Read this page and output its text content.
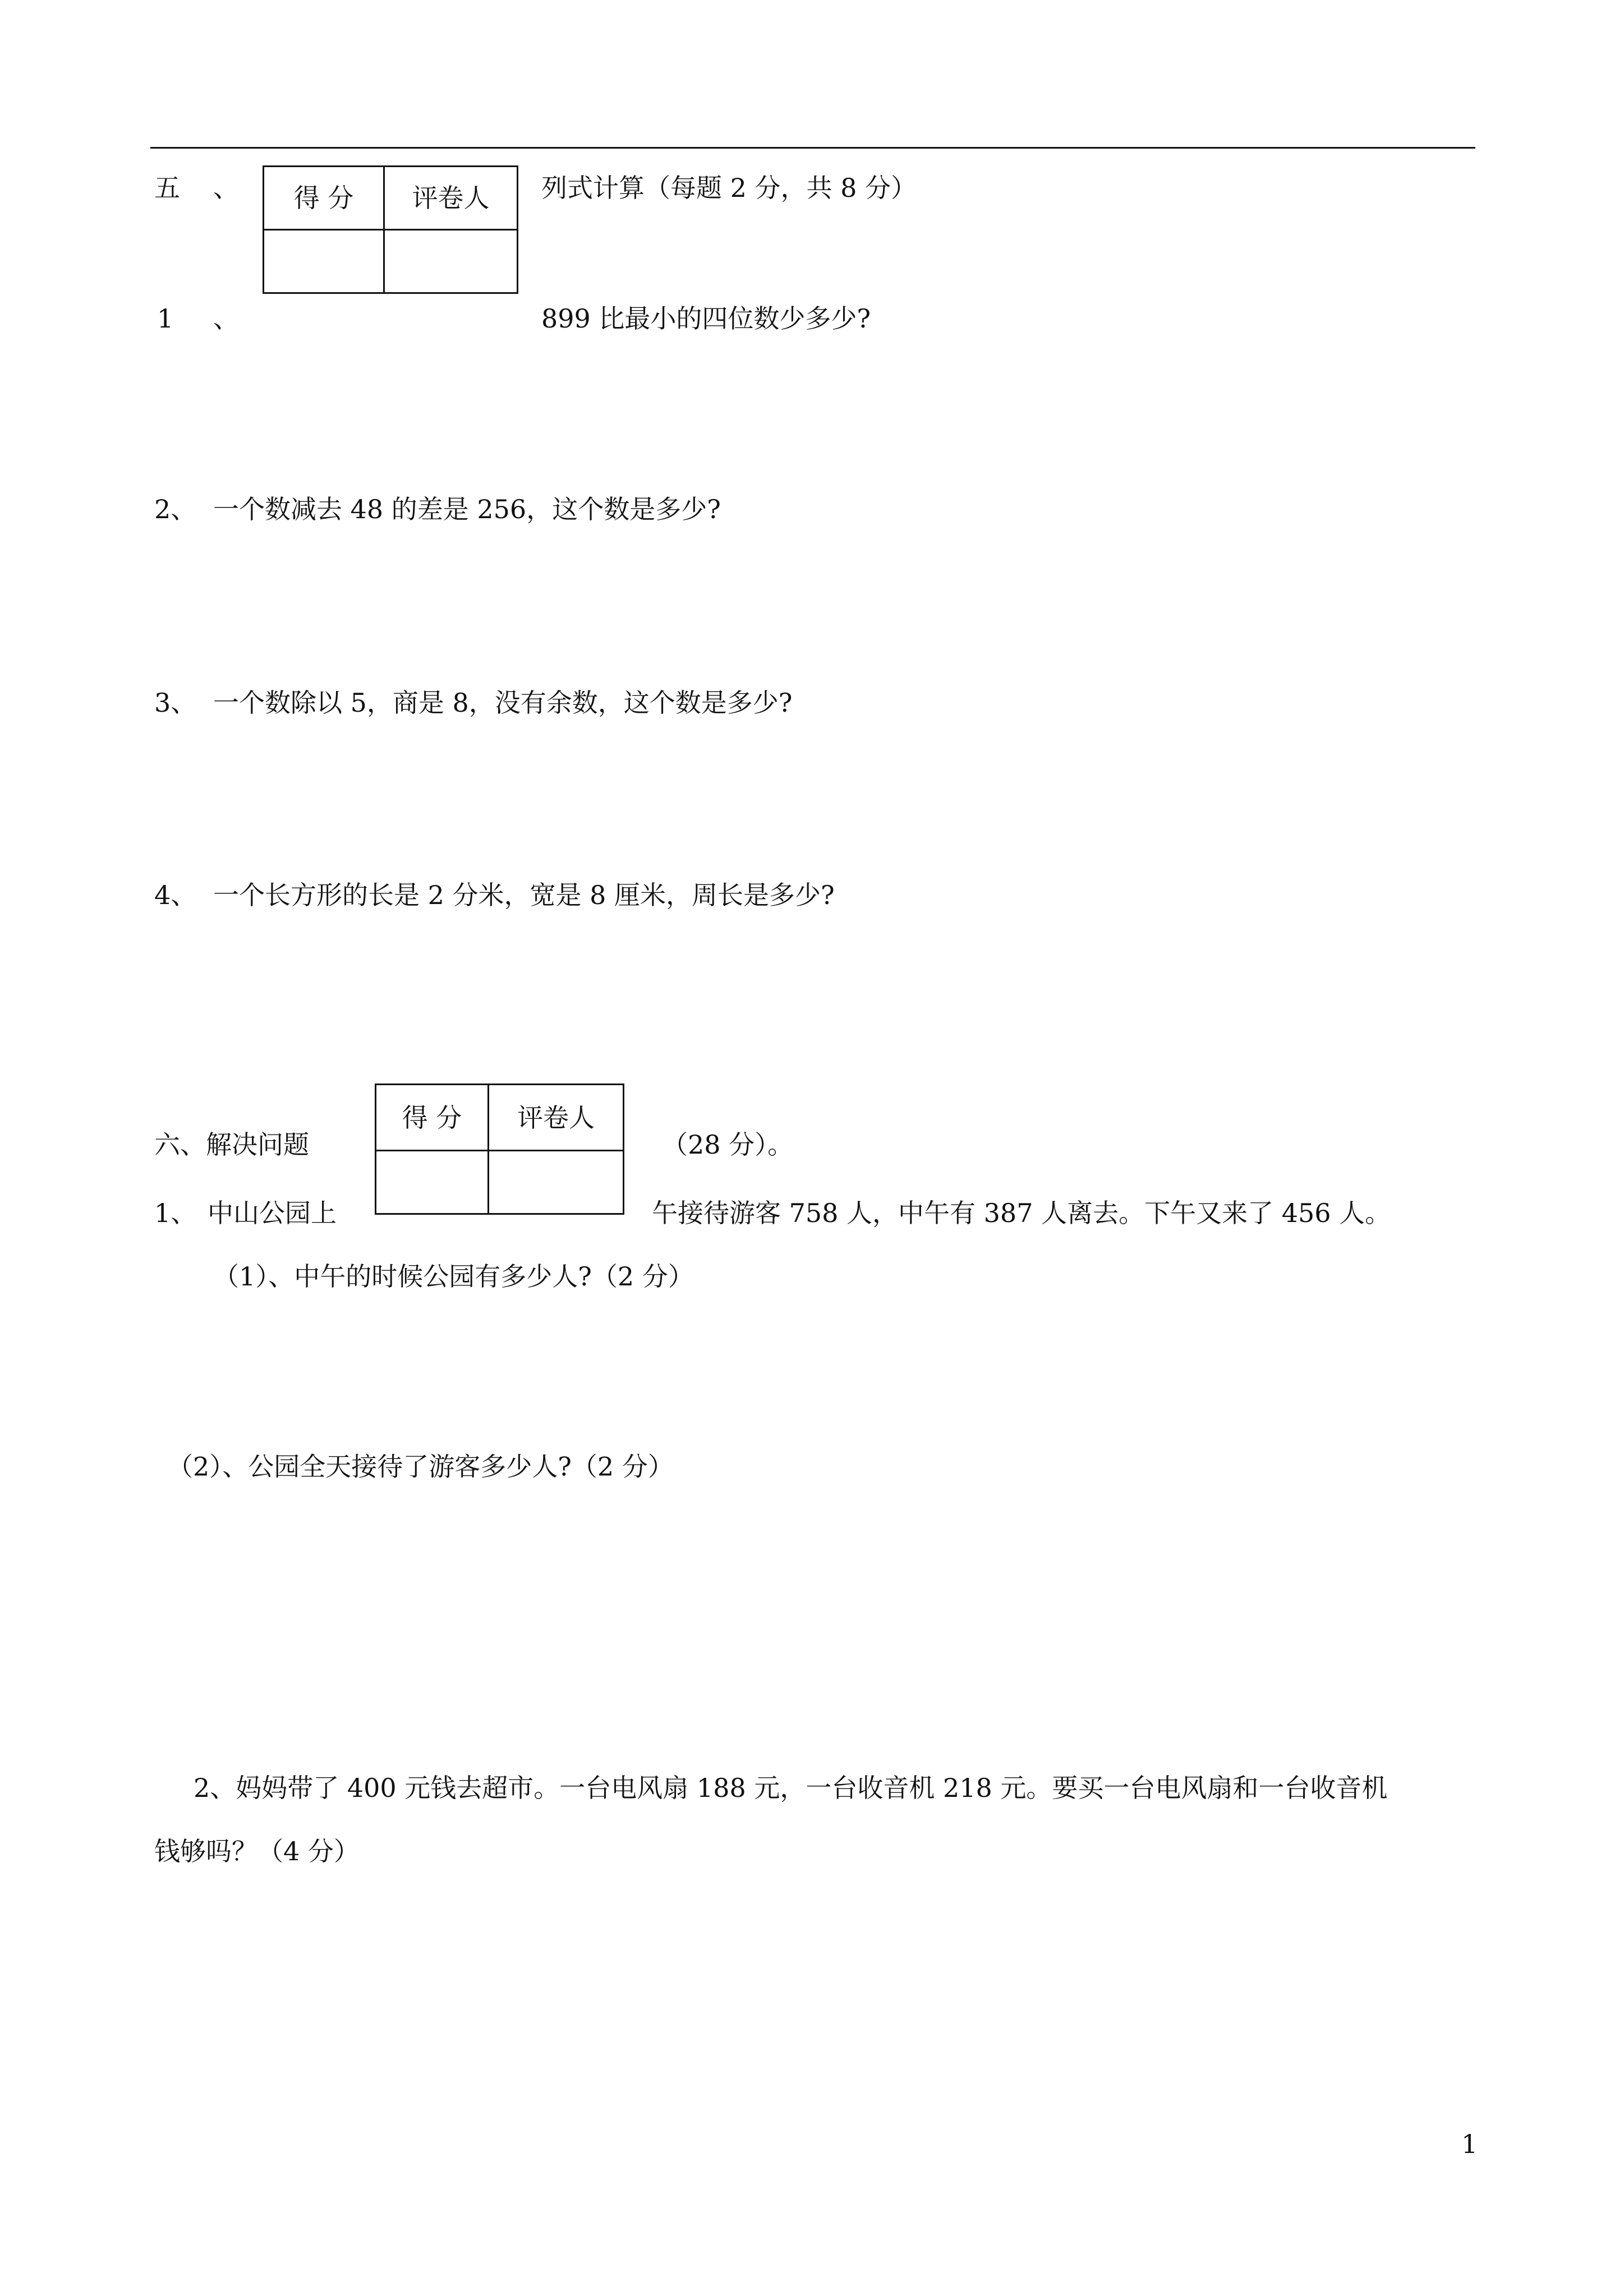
五 、 得 分	评卷人
	列式计算（每题 2 分，共 8 分）
1 、	899 比最小的四位数少多少?
2、 一个数减去 48 的差是 256，这个数是多少?
3、 一个数除以 5，商是 8，没有余数，这个数是多少?
4、 一个长方形的长是 2 分米，宽是 8 厘米，周长是多少?
得 分	评卷人

六、解决问题	（28 分）。
1、 中山公园上	午接待游客 758 人，中午有 387 人离去。下午又来了 456 人。
（1）、中午的时候公园有多少人?（2 分）
（2）、公园全天接待了游客多少人?（2 分）
2、妈妈带了 400 元钱去超市。一台电风扇 188 元，一台收音机 218 元。要买一台电风扇和一台收音机
钱够吗？（4 分）
1
